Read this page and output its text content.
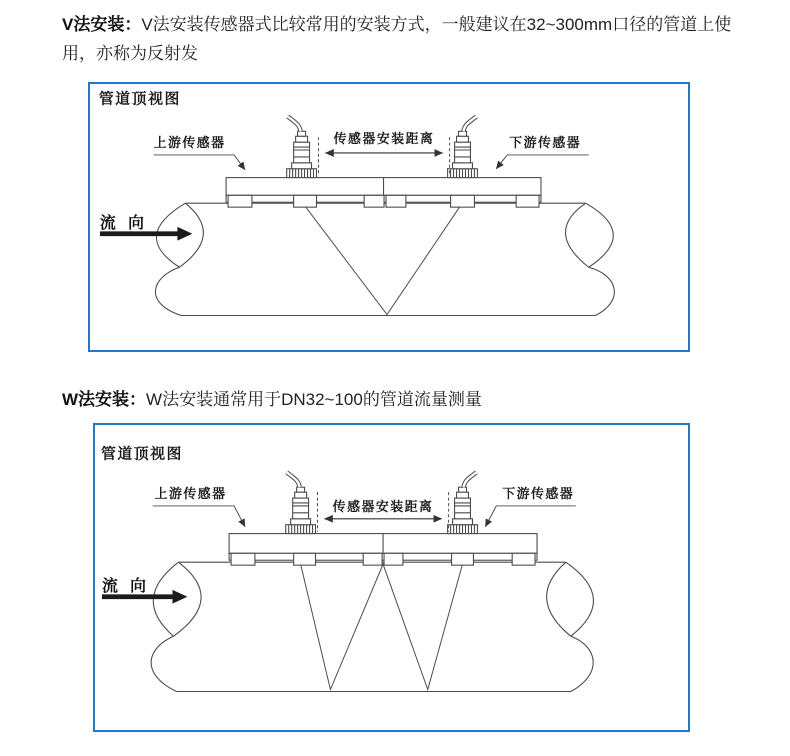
V法安装：V法安装传感器式比较常用的安装方式，一般建议在32~300mm口径的管道上使用，亦称为反射发
管道顶视图
上游传感器	传感器安装距离	下游传感器
流 向
W法安装：W法安装通常用于DN32~100的管道流量测量
管道顶视图
上游传感器
传感器安装距离
下游传感器
流 向
